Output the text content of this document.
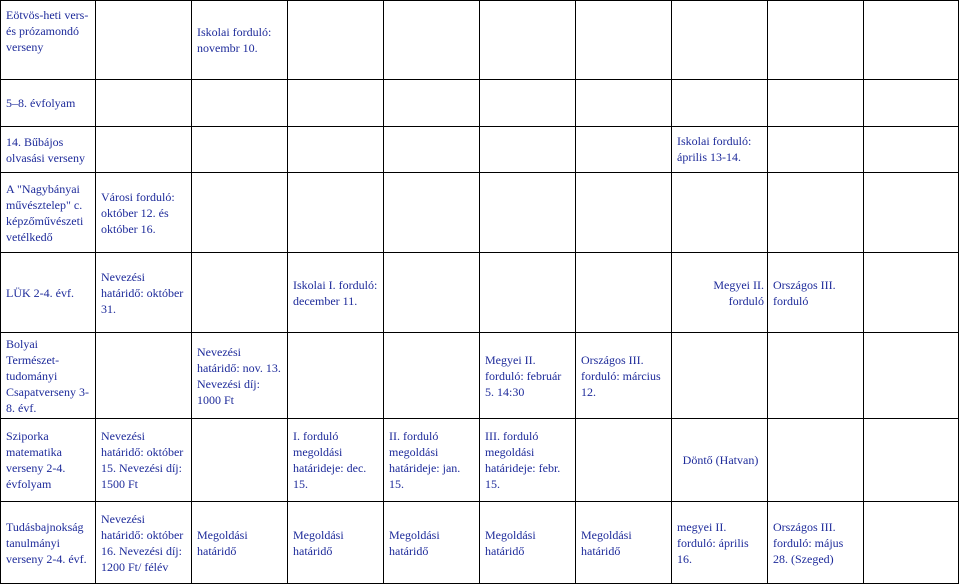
Eötvös-heti vers- és prózamondó verseny		Iskolai forduló: novembr 10.							
5–8. évfolyam									
14. Bűbájos olvasási verseny							Iskolai forduló: április 13-14.		
A "Nagybányai művésztelep" c. képzőművészeti vetélkedő	Városi forduló: október 12. és október 16.								
LÜK 2-4. évf.	Nevezési határidő: október 31.		Iskolai I. forduló: december 11.				Megyei II. forduló	Országos III. forduló	
Bolyai Természet-tudományi Csapatverseny 3-8. évf.		Nevezési határidő: nov. 13. Nevezési díj: 1000 Ft			Megyei II. forduló: február 5. 14:30	Országos III. forduló: március 12.			
Sziporka matematika verseny 2-4. évfolyam	Nevezési határidő: október 15. Nevezési díj: 1500 Ft		I. forduló megoldási határideje: dec. 15.	II. forduló megoldási határideje: jan. 15.	III. forduló megoldási határideje: febr. 15.		Döntő (Hatvan)		
Tudásbajnokság tanulmányi verseny 2-4. évf.	Nevezési határidő: október 16. Nevezési díj: 1200 Ft/ félév	Megoldási határidő	Megoldási határidő	Megoldási határidő	Megoldási határidő	Megoldási határidő	megyei II. forduló: április 16.	Országos III. forduló: május 28. (Szeged)	
